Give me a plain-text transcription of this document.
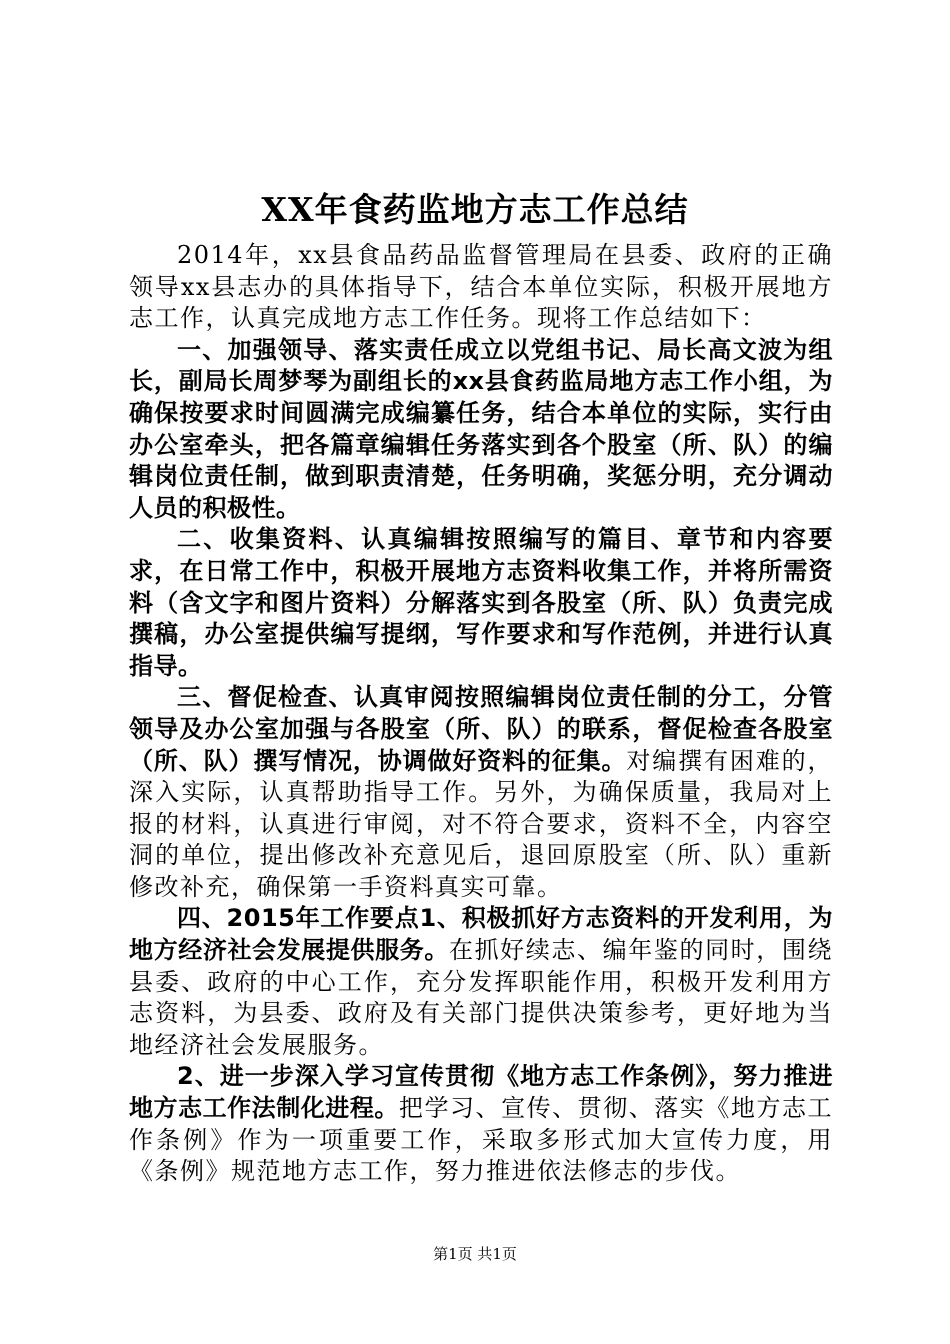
XX年食药监地方志工作总结

2014年，xx县食品药品监督管理局在县委、政府的正确领导xx县志办的具体指导下，结合本单位实际，积极开展地方志工作，认真完成地方志工作任务。现将工作总结如下：

一、加强领导、落实责任成立以党组书记、局长高文波为组长，副局长周梦琴为副组长的xx县食药监局地方志工作小组，为确保按要求时间圆满完成编纂任务，结合本单位的实际，实行由办公室牵头，把各篇章编辑任务落实到各个股室（所、队）的编辑岗位责任制，做到职责清楚，任务明确，奖惩分明，充分调动人员的积极性。

二、收集资料、认真编辑按照编写的篇目、章节和内容要求，在日常工作中，积极开展地方志资料收集工作，并将所需资料（含文字和图片资料）分解落实到各股室（所、队）负责完成撰稿，办公室提供编写提纲，写作要求和写作范例，并进行认真指导。

三、督促检查、认真审阅按照编辑岗位责任制的分工，分管领导及办公室加强与各股室（所、队）的联系，督促检查各股室（所、队）撰写情况，协调做好资料的征集。对编撰有困难的，深入实际，认真帮助指导工作。另外，为确保质量，我局对上报的材料，认真进行审阅，对不符合要求，资料不全，内容空洞的单位，提出修改补充意见后，退回原股室（所、队）重新修改补充，确保第一手资料真实可靠。

四、2015年工作要点1、积极抓好方志资料的开发利用，为地方经济社会发展提供服务。在抓好续志、编年鉴的同时，围绕县委、政府的中心工作，充分发挥职能作用，积极开发利用方志资料，为县委、政府及有关部门提供决策参考，更好地为当地经济社会发展服务。

2、进一步深入学习宣传贯彻《地方志工作条例》，努力推进地方志工作法制化进程。把学习、宣传、贯彻、落实《地方志工作条例》作为一项重要工作，采取多形式加大宣传力度，用《条例》规范地方志工作，努力推进依法修志的步伐。

第1页 共1页
